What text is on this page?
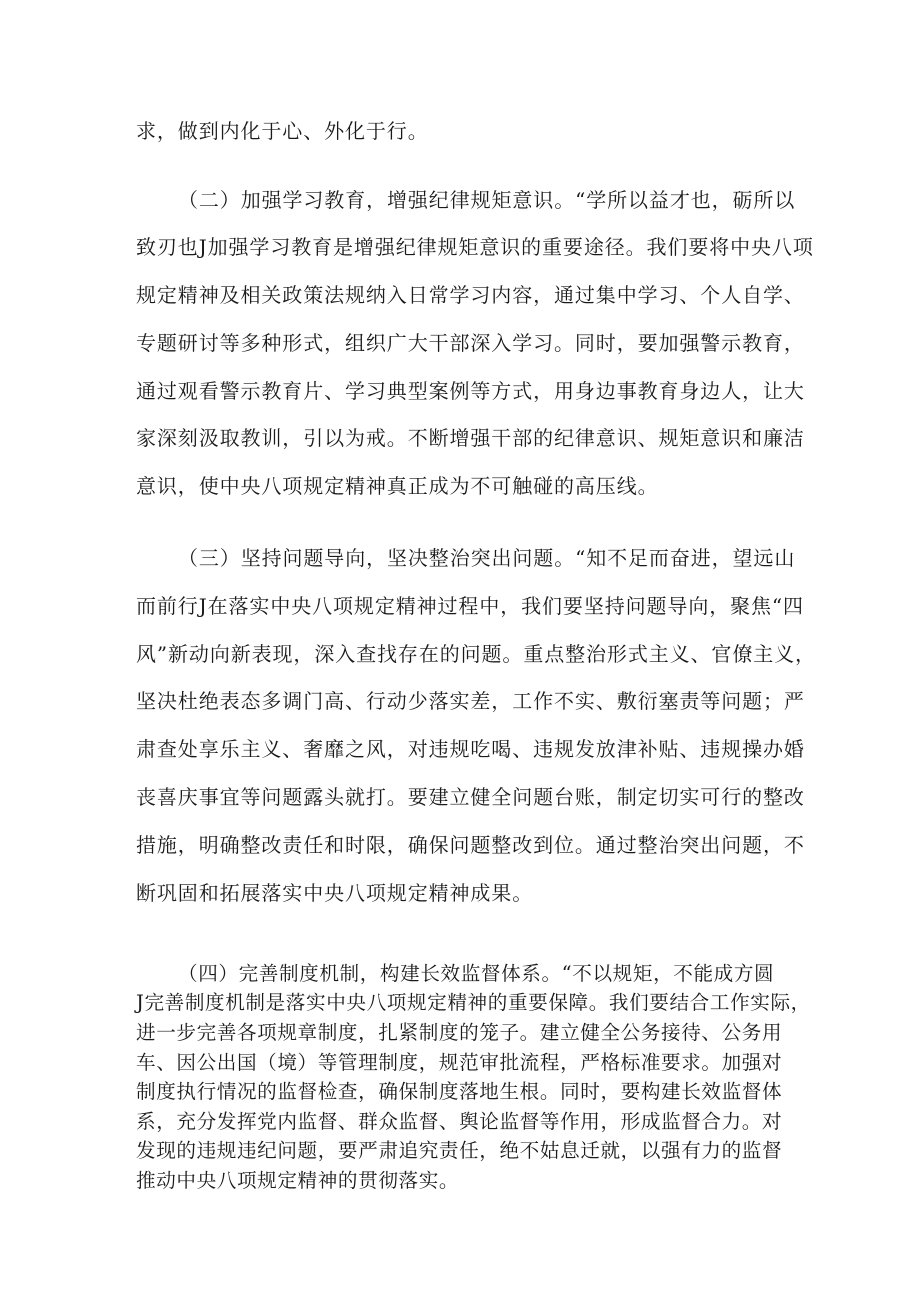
求，做到内化于心、外化于行。
（二）加强学习教育，增强纪律规矩意识。“学所以益才也，砺所以
致刃也J加强学习教育是增强纪律规矩意识的重要途径。我们要将中央八项
规定精神及相关政策法规纳入日常学习内容，通过集中学习、个人自学、
专题研讨等多种形式，组织广大干部深入学习。同时，要加强警示教育，
通过观看警示教育片、学习典型案例等方式，用身边事教育身边人，让大
家深刻汲取教训，引以为戒。不断增强干部的纪律意识、规矩意识和廉洁
意识，使中央八项规定精神真正成为不可触碰的高压线。
（三）坚持问题导向，坚决整治突出问题。“知不足而奋进，望远山
而前行J在落实中央八项规定精神过程中，我们要坚持问题导向，聚焦“四
风”新动向新表现，深入查找存在的问题。重点整治形式主义、官僚主义，
坚决杜绝表态多调门高、行动少落实差，工作不实、敷衍塞责等问题；严
肃查处享乐主义、奢靡之风，对违规吃喝、违规发放津补贴、违规操办婚
丧喜庆事宜等问题露头就打。要建立健全问题台账，制定切实可行的整改
措施，明确整改责任和时限，确保问题整改到位。通过整治突出问题，不
断巩固和拓展落实中央八项规定精神成果。
（四）完善制度机制，构建长效监督体系。“不以规矩，不能成方圆
J完善制度机制是落实中央八项规定精神的重要保障。我们要结合工作实际，
进一步完善各项规章制度，扎紧制度的笼子。建立健全公务接待、公务用
车、因公出国（境）等管理制度，规范审批流程，严格标准要求。加强对
制度执行情况的监督检查，确保制度落地生根。同时，要构建长效监督体
系，充分发挥党内监督、群众监督、舆论监督等作用，形成监督合力。对
发现的违规违纪问题，要严肃追究责任，绝不姑息迁就，以强有力的监督
推动中央八项规定精神的贯彻落实。
